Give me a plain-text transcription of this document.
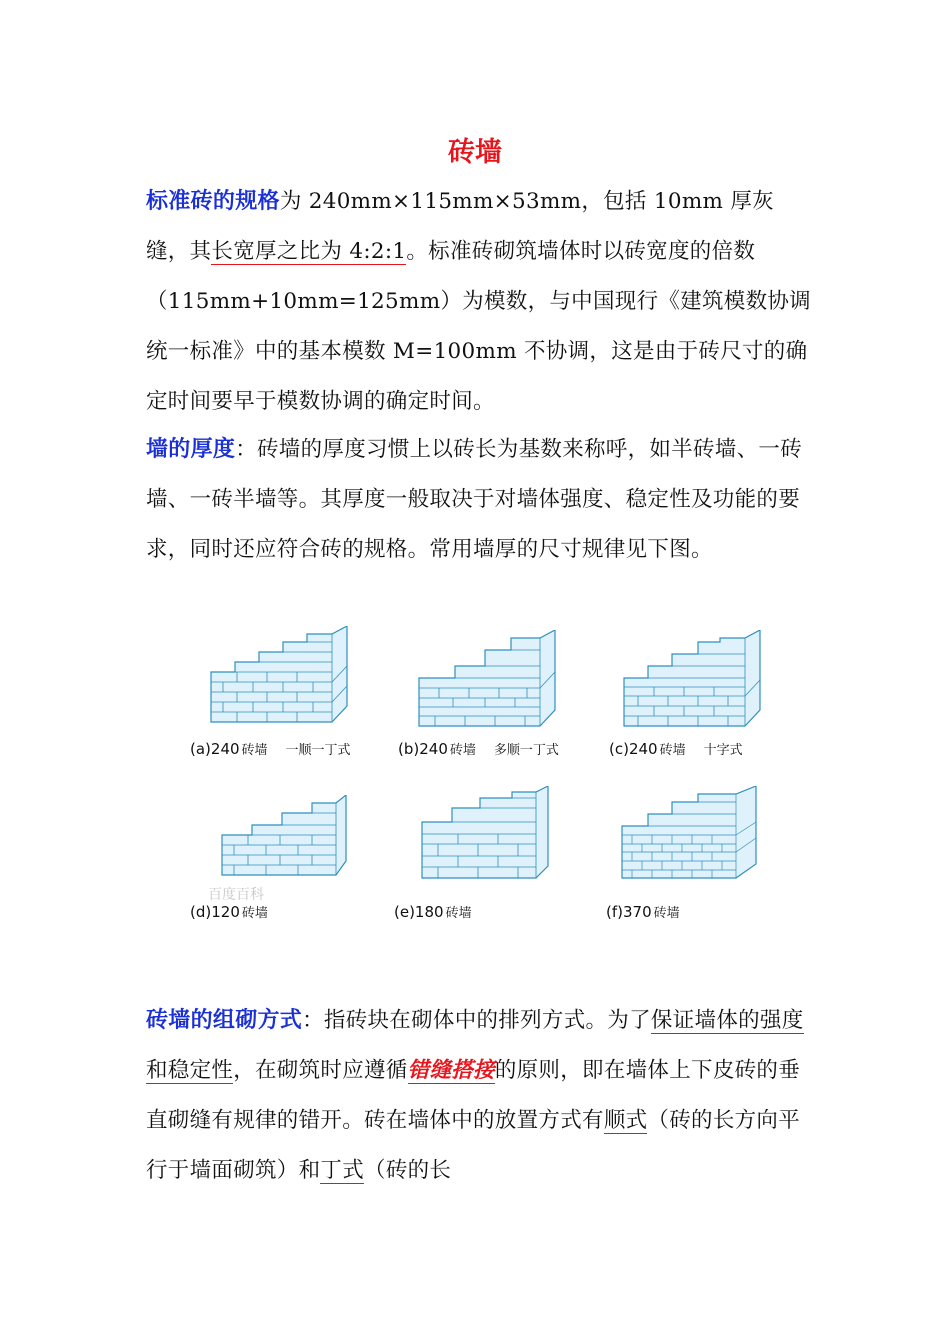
砖墙

标准砖的规格为 240mm×115mm×53mm，包括 10mm 厚灰缝，其长宽厚之比为 4:2:1。标准砖砌筑墙体时以砖宽度的倍数（115mm+10mm=125mm）为模数，与中国现行《建筑模数协调统一标准》中的基本模数 M=100mm 不协调，这是由于砖尺寸的确定时间要早于模数协调的确定时间。

墙的厚度：砖墙的厚度习惯上以砖长为基数来称呼，如半砖墙、一砖墙、一砖半墙等。其厚度一般取决于对墙体强度、稳定性及功能的要求，同时还应符合砖的规格。常用墙厚的尺寸规律见下图。

(a)240 砖墙 一顺一丁式	(b)240 砖墙 多顺一丁式	(c)240 砖墙 十字式
百度百科
(d)120 砖墙	(e)180 砖墙	(f)370 砖墙

砖墙的组砌方式：指砖块在砌体中的排列方式。为了保证墙体的强度和稳定性，在砌筑时应遵循错缝搭接的原则，即在墙体上下皮砖的垂直砌缝有规律的错开。砖在墙体中的放置方式有顺式（砖的长方向平行于墙面砌筑）和丁式（砖的长
